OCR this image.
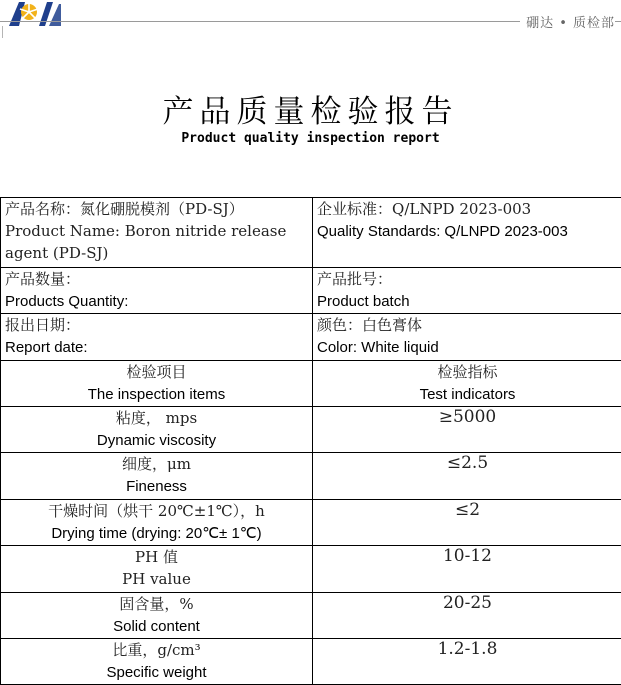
硼达 • 质检部
产品质量检验报告
Product quality inspection report
产品名称：氮化硼脱模剂（PD-SJ）
Product Name: Boron nitride release agent (PD-SJ)	企业标准：Q/LNPD 2023-003
Quality Standards: Q/LNPD 2023-003

产品数量：
Products Quantity:	产品批号：
Product batch

报出日期：
Report date:	颜色：白色膏体
Color: White liquid

检验项目
The inspection items	检验指标
Test indicators

粘度， mps
Dynamic viscosity	≥5000

细度，μm
Fineness	≤2.5

干燥时间（烘干 20℃±1℃），h
Drying time (drying: 20℃± 1℃)	≤2

PH 值
PH value	10-12

固含量，%
Solid content	20-25

比重，g/cm³
Specific weight	1.2-1.8
